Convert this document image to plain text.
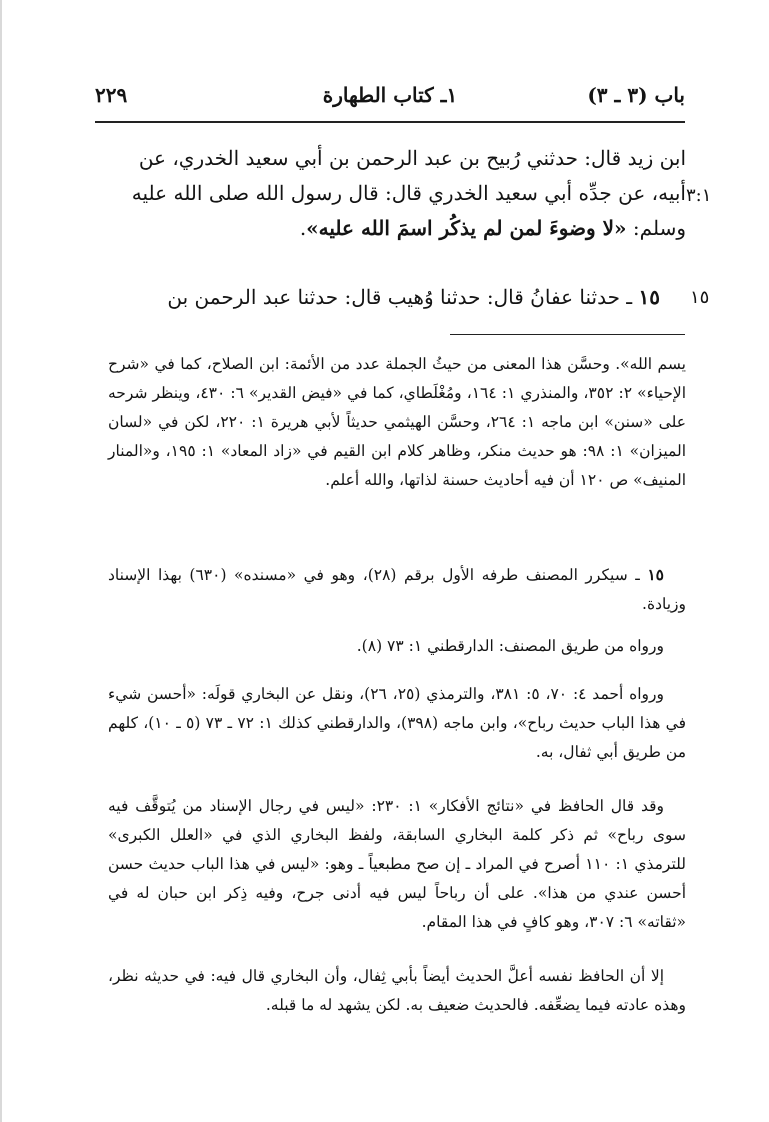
باب (٣ ـ ٣)
١ـ كتاب الطهارة
٢٢٩
٣:١

ابن زيد قال: حدثني رُبيح بن عبد الرحمن بن أبي سعيد الخدري، عن

أبيه، عن جدِّه أبي سعيد الخدري قال: قال رسول الله صلى الله عليه

وسلم: «لا وضوءَ لمن لم يذكُر اسمَ الله عليه».

١٥

١٥ ـ حدثنا عفانُ قال: حدثنا وُهيب قال: حدثنا عبد الرحمن بن

يسم الله». وحسَّن هذا المعنى من حيثُ الجملة عدد من الأئمة: ابن الصلاح، كما في «شرح الإحياء» ٢: ٣٥٢، والمنذري ١: ١٦٤، ومُغْلَطاي، كما في «فيض القدير» ٦: ٤٣٠، وينظر شرحه على «سنن» ابن ماجه ١: ٢٦٤، وحسَّن الهيثمي حديثاً لأبي هريرة ١: ٢٢٠، لكن في «لسان الميزان» ١: ٩٨: هو حديث منكر، وظاهر كلام ابن القيم في «زاد المعاد» ١: ١٩٥، و«المنار المنيف» ص ١٢٠ أن فيه أحاديث حسنة لذاتها، والله أعلم.

١٥ ـ سيكرر المصنف طرفه الأول برقم (٢٨)، وهو في «مسنده» (٦٣٠) بهذا الإسناد وزيادة.

ورواه من طريق المصنف: الدارقطني ١: ٧٣ (٨).

ورواه أحمد ٤: ٧٠، ٥: ٣٨١، والترمذي (٢٥، ٢٦)، ونقل عن البخاري قولَه: «أحسن شيء في هذا الباب حديث رباح»، وابن ماجه (٣٩٨)، والدارقطني كذلك ١: ٧٢ ـ ٧٣ (٥ ـ ١٠)، كلهم من طريق أبي ثفال، به.

وقد قال الحافظ في «نتائج الأفكار» ١: ٢٣٠: «ليس في رجال الإسناد من يُتوقَّف فيه سوى رباح» ثم ذكر كلمة البخاري السابقة، ولفظ البخاري الذي في «العلل الكبرى» للترمذي ١: ١١٠ أصرح في المراد ـ إن صح مطبعياً ـ وهو: «ليس في هذا الباب حديث حسن أحسن عندي من هذا». على أن رباحاً ليس فيه أدنى جرح، وفيه ذِكر ابن حبان له في «ثقاته» ٦: ٣٠٧، وهو كافٍ في هذا المقام.

إلا أن الحافظ نفسه أعلَّ الحديث أيضاً بأبي ثِفال، وأن البخاري قال فيه: في حديثه نظر، وهذه عادته فيما يضعِّفه. فالحديث ضعيف به. لكن يشهد له ما قبله.
